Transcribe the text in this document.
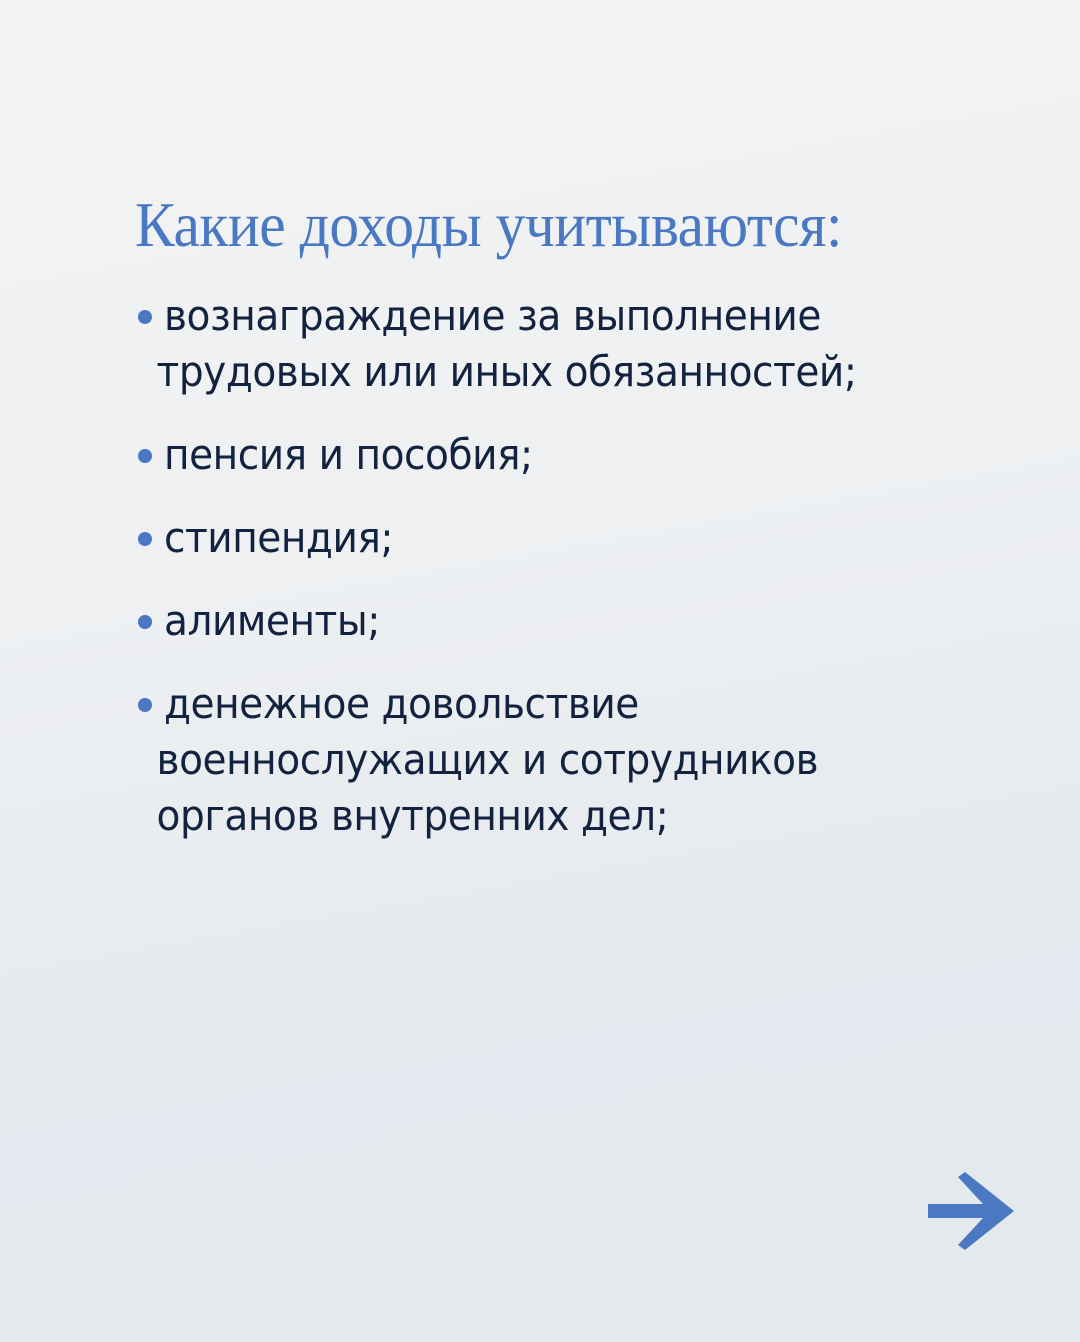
Какие доходы учитываются:
вознаграждение за выполнение
трудовых или иных обязанностей;
пенсия и пособия;
стипендия;
алименты;
денежное довольствие
военнослужащих и сотрудников
органов внутренних дел;
